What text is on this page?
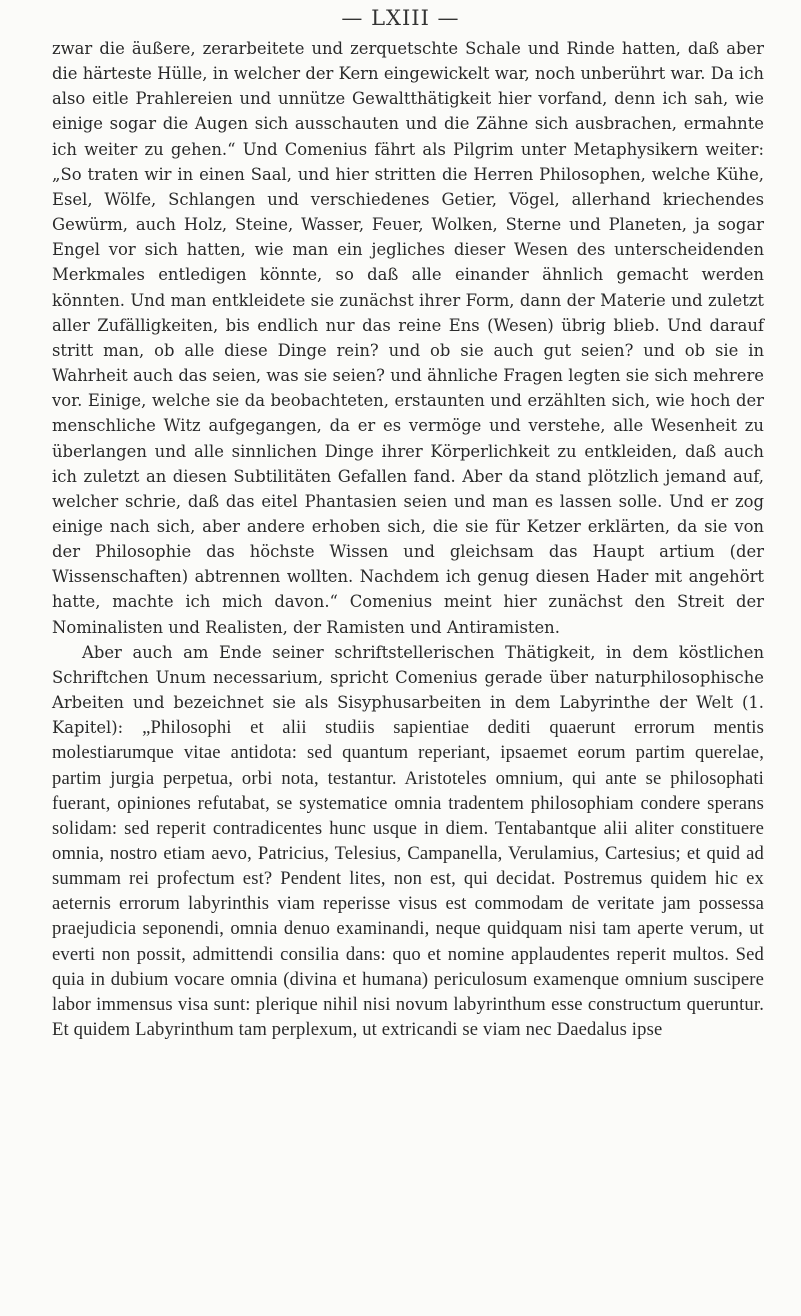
— LXIII —

zwar die äußere, zerarbeitete und zerquetschte Schale und Rinde hatten, daß aber die härteste Hülle, in welcher der Kern eingewickelt war, noch unberührt war. Da ich also eitle Prahlereien und unnütze Gewaltthätigkeit hier vorfand, denn ich sah, wie einige sogar die Augen sich ausschauten und die Zähne sich ausbrachen, ermahnte ich weiter zu gehen.“ Und Comenius fährt als Pilgrim unter Metaphysikern weiter: „So traten wir in einen Saal, und hier stritten die Herren Philosophen, welche Kühe, Esel, Wölfe, Schlangen und verschiedenes Getier, Vögel, allerhand kriechendes Gewürm, auch Holz, Steine, Wasser, Feuer, Wolken, Sterne und Planeten, ja sogar Engel vor sich hatten, wie man ein jegliches dieser Wesen des unterscheidenden Merkmales entledigen könnte, so daß alle einander ähnlich gemacht werden könnten. Und man entkleidete sie zunächst ihrer Form, dann der Materie und zuletzt aller Zufälligkeiten, bis endlich nur das reine Ens (Wesen) übrig blieb. Und darauf stritt man, ob alle diese Dinge rein? und ob sie auch gut seien? und ob sie in Wahrheit auch das seien, was sie seien? und ähnliche Fragen legten sie sich mehrere vor. Einige, welche sie da beobachteten, erstaunten und erzählten sich, wie hoch der menschliche Witz aufgegangen, da er es vermöge und verstehe, alle Wesenheit zu überlangen und alle sinnlichen Dinge ihrer Körperlichkeit zu entkleiden, daß auch ich zuletzt an diesen Subtilitäten Gefallen fand. Aber da stand plötzlich jemand auf, welcher schrie, daß das eitel Phantasien seien und man es lassen solle. Und er zog einige nach sich, aber andere erhoben sich, die sie für Ketzer erklärten, da sie von der Philosophie das höchste Wissen und gleichsam das Haupt artium (der Wissenschaften) abtrennen wollten. Nachdem ich genug diesen Hader mit angehört hatte, machte ich mich davon.“ Comenius meint hier zunächst den Streit der Nominalisten und Realisten, der Ramisten und Antiramisten.

Aber auch am Ende seiner schriftstellerischen Thätigkeit, in dem köstlichen Schriftchen Unum necessarium, spricht Comenius gerade über naturphilosophische Arbeiten und bezeichnet sie als Sisyphusarbeiten in dem Labyrinthe der Welt (1. Kapitel): „Philosophi et alii studiis sapientiae dediti quaerunt errorum mentis molestiarumque vitae antidota: sed quantum reperiant, ipsaemet eorum partim querelae, partim jurgia perpetua, orbi nota, testantur. Aristoteles omnium, qui ante se philosophati fuerant, opiniones refutabat, se systematice omnia tradentem philosophiam condere sperans solidam: sed reperit contradicentes hunc usque in diem. Tentabantque alii aliter constituere omnia, nostro etiam aevo, Patricius, Telesius, Campanella, Verulamius, Cartesius; et quid ad summam rei profectum est? Pendent lites, non est, qui decidat. Postremus quidem hic ex aeternis errorum labyrinthis viam reperisse visus est commodam de veritate jam possessa praejudicia seponendi, omnia denuo examinandi, neque quidquam nisi tam aperte verum, ut everti non possit, admittendi consilia dans: quo et nomine applaudentes reperit multos. Sed quia in dubium vocare omnia (divina et humana) periculosum examenque omnium suscipere labor immensus visa sunt: plerique nihil nisi novum labyrinthum esse constructum queruntur. Et quidem Labyrinthum tam perplexum, ut extricandi se viam nec Daedalus ipse
